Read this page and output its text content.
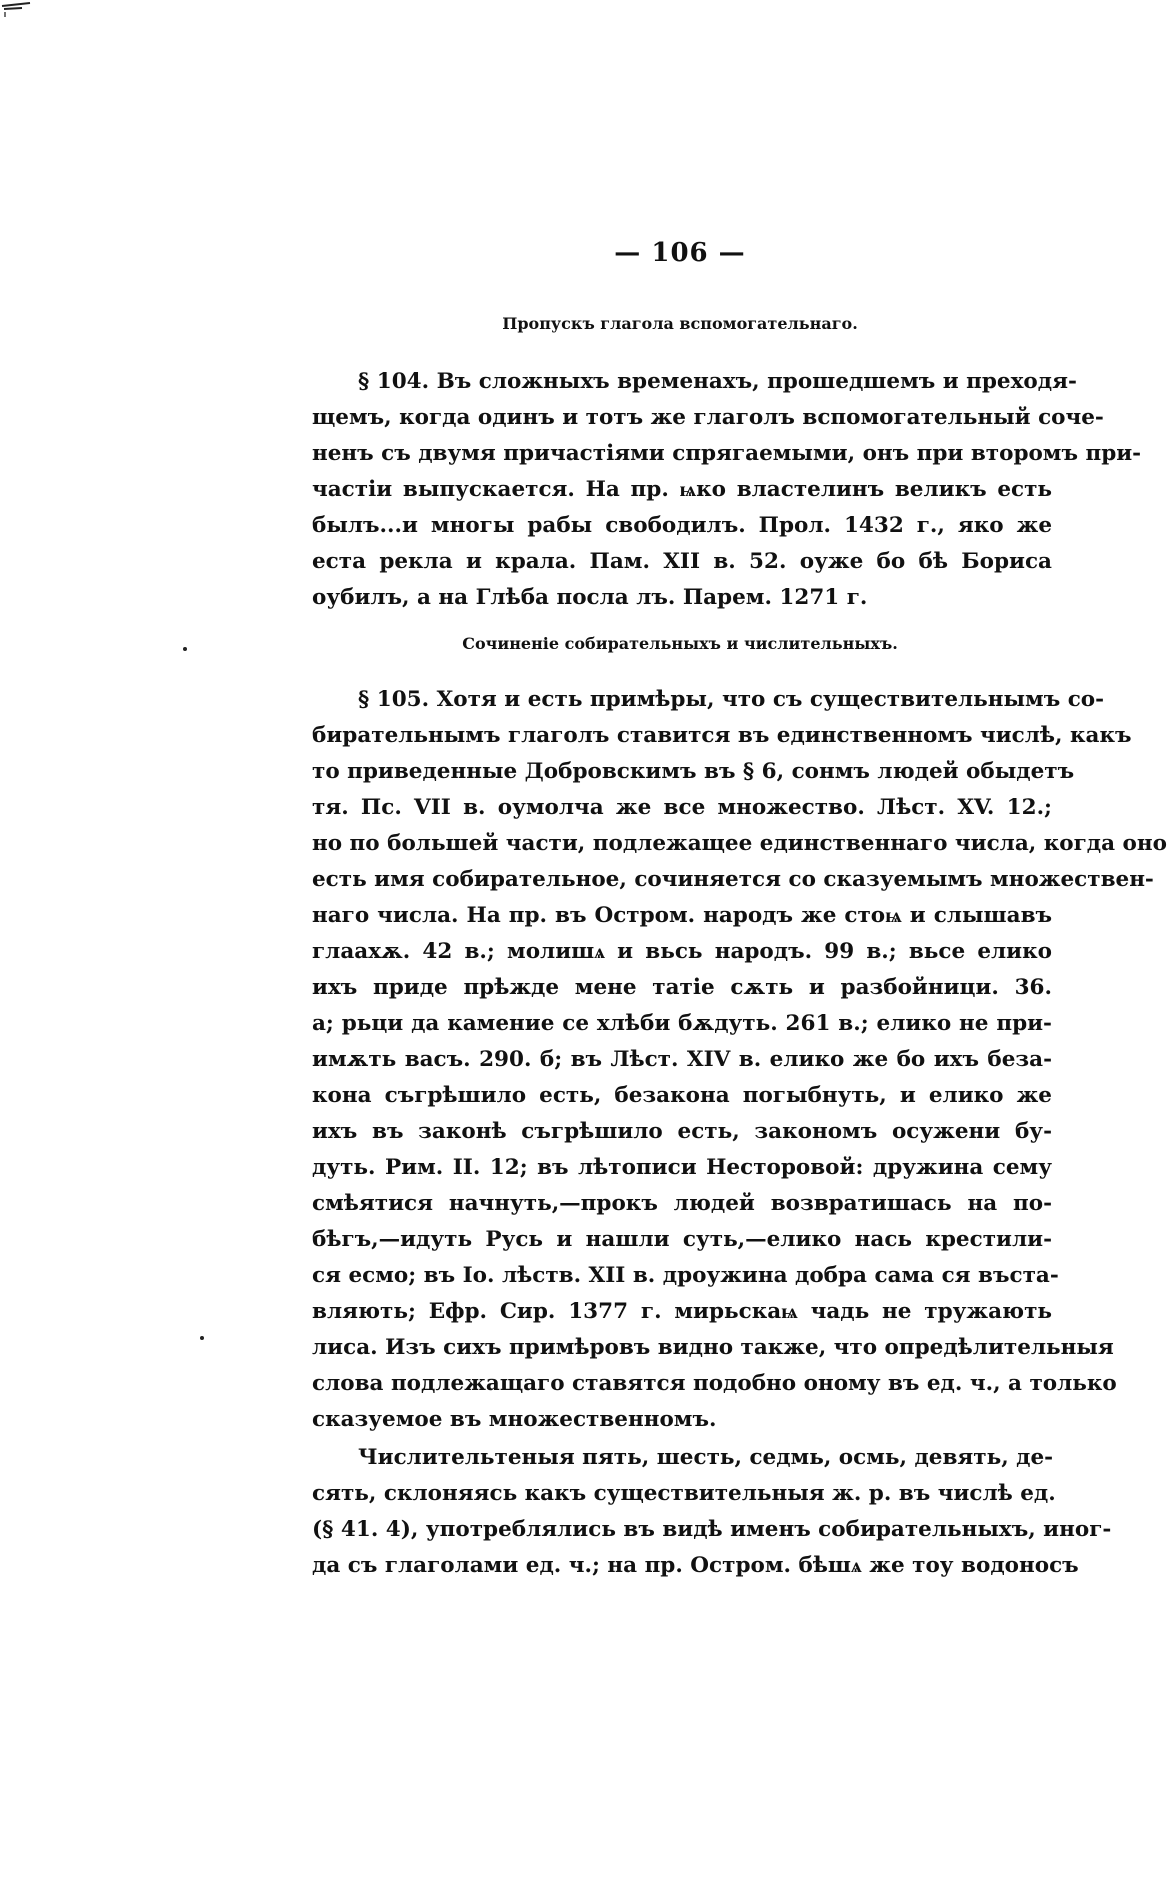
— 106 —
Пропускъ глагола вспомогательнаго.
§ 104. Въ сложныхъ временахъ, прошедшемъ и преходя-
щемъ, когда одинъ и тотъ же глаголъ вспомогательный соче-
ненъ съ двумя причастіями спрягаемыми, онъ при второмъ при-
частіи выпускается. На пр. ѩко властелинъ великъ есть
былъ...и многы рабы свободилъ. Прол. 1432 г., яко же
еста рекла и крала. Пам. XII в. 52. оуже бо бѣ Бориса
оубилъ, а на Глѣба посла лъ. Парем. 1271 г.
Сочиненіе собирательныхъ и числительныхъ.
§ 105. Хотя и есть примѣры, что съ существительнымъ со-
бирательнымъ глаголъ ставится въ единственномъ числѣ, какъ
то приведенные Добровскимъ въ § 6, сонмъ людей обыдетъ
тя. Пс. VII в. оумолча же все множество. Лѣст. XV. 12.;
но по большей части, подлежащее единственнаго числа, когда оно
есть имя собирательное, сочиняется со сказуемымъ множествен-
наго числа. На пр. въ Остром. народъ же стоѩ и слышавъ
глаахѫ. 42 в.; молишѧ и вьсь народъ. 99 в.; вьсе елико
ихъ приде прѣжде мене татіе сѫть и разбойници. 36.
а; рьци да камениe се хлѣби бѫдуть. 261 в.; елико не при-
имѫть васъ. 290. б; въ Лѣст. XIV в. елико же бо ихъ беза-
кона съгрѣшило есть, безакона погыбнуть, и елико же
ихъ въ законѣ съгрѣшило есть, закономъ осужени бу-
дуть. Рим. II. 12; въ лѣтописи Несторовой: дружина сему
смѣятися начнуть,—прокъ людей возвратишась на по-
бѣгъ,—идуть Русь и нашли суть,—елико нась крестили-
ся есмо; въ Іо. лѣств. XII в. дроужина добра сама ся въста-
вляють; Ефр. Сир. 1377 г. мирьскаѩ чадь не тружають
лиса. Изъ сихъ примѣровъ видно также, что опредѣлительныя
слова подлежащаго ставятся подобно оному въ ед. ч., а только
сказуемое въ множественномъ.
Числительтеныя пять, шесть, седмь, осмь, девять, де-
сять, склоняясь какъ существительныя ж. р. въ числѣ ед.
(§ 41. 4), употреблялись въ видѣ именъ собирательныхъ, иног-
да съ глаголами ед. ч.; на пр. Остром. бѣшѧ же тоу водоносъ
